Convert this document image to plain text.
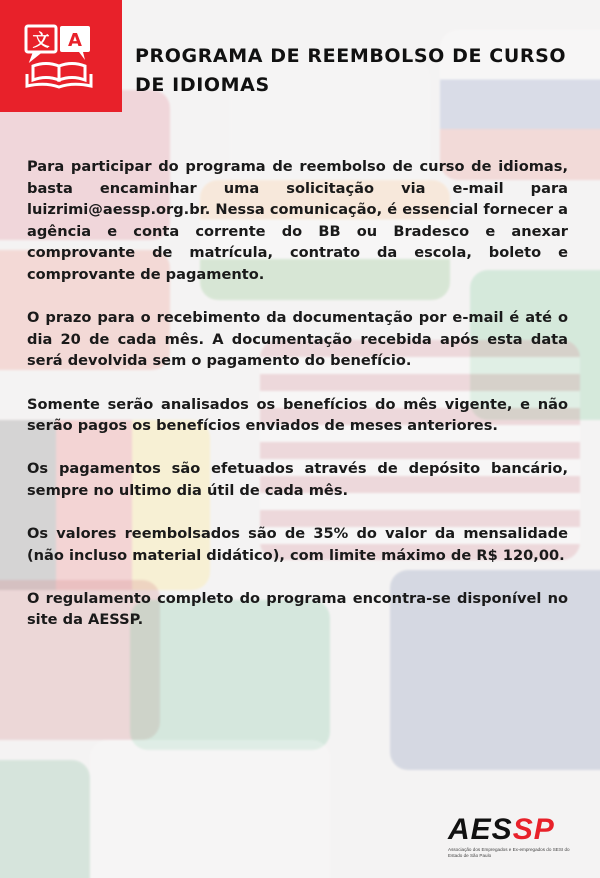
文 A
PROGRAMA DE REEMBOLSO DE CURSO DE IDIOMAS

Para participar do programa de reembolso de curso de idiomas, basta encaminhar uma solicitação via e-mail para luizrimi@aessp.org.br. Nessa comunicação, é essencial fornecer a agência e conta corrente do BB ou Bradesco e anexar comprovante de matrícula, contrato da escola, boleto e comprovante de pagamento.

O prazo para o recebimento da documentação por e-mail é até o dia 20 de cada mês. A documentação recebida após esta data será devolvida sem o pagamento do benefício.

Somente serão analisados os benefícios do mês vigente, e não serão pagos os benefícios enviados de meses anteriores.

Os pagamentos são efetuados através de depósito bancário, sempre no ultimo dia útil de cada mês.

Os valores reembolsados são de 35% do valor da mensalidade (não incluso material didático), com limite máximo de R$ 120,00.

O regulamento completo do programa encontra-se disponível no site da AESSP.

AESSP
Associação dos Empregados e Ex-empregados do SESI do Estado de São Paulo
